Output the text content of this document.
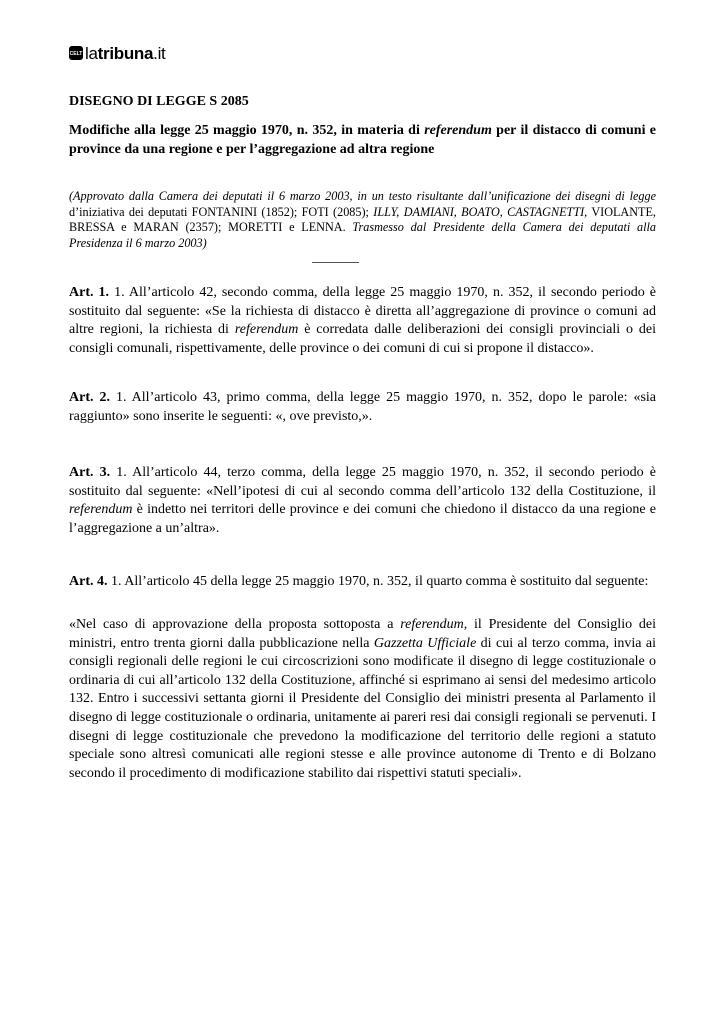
CELT latribuna.it
DISEGNO DI LEGGE S 2085
Modifiche alla legge 25 maggio 1970, n. 352, in materia di referendum per il distacco di comuni e province da una regione e per l’aggregazione ad altra regione
(Approvato dalla Camera dei deputati il 6 marzo 2003, in un testo risultante dall’unificazione dei disegni di legge d’iniziativa dei deputati FONTANINI (1852); FOTI (2085); ILLY, DAMIANI, BOATO, CASTAGNETTI, VIOLANTE, BRESSA e MARAN (2357); MORETTI e LENNA. Trasmesso dal Presidente della Camera dei deputati alla Presidenza il 6 marzo 2003)
Art. 1. 1. All’articolo 42, secondo comma, della legge 25 maggio 1970, n. 352, il secondo periodo è sostituito dal seguente: «Se la richiesta di distacco è diretta all’aggregazione di province o comuni ad altre regioni, la richiesta di referendum è corredata dalle deliberazioni dei consigli provinciali o dei consigli comunali, rispettivamente, delle province o dei comuni di cui si propone il distacco».
Art. 2. 1. All’articolo 43, primo comma, della legge 25 maggio 1970, n. 352, dopo le parole: «sia raggiunto» sono inserite le seguenti: «, ove previsto,».
Art. 3. 1. All’articolo 44, terzo comma, della legge 25 maggio 1970, n. 352, il secondo periodo è sostituito dal seguente: «Nell’ipotesi di cui al secondo comma dell’articolo 132 della Costituzione, il referendum è indetto nei territori delle province e dei comuni che chiedono il distacco da una regione e l’aggregazione a un’altra».
Art. 4. 1. All’articolo 45 della legge 25 maggio 1970, n. 352, il quarto comma è sostituito dal seguente:
«Nel caso di approvazione della proposta sottoposta a referendum, il Presidente del Consiglio dei ministri, entro trenta giorni dalla pubblicazione nella Gazzetta Ufficiale di cui al terzo comma, invia ai consigli regionali delle regioni le cui circoscrizioni sono modificate il disegno di legge costituzionale o ordinaria di cui all’articolo 132 della Costituzione, affinché si esprimano ai sensi del medesimo articolo 132. Entro i successivi settanta giorni il Presidente del Consiglio dei ministri presenta al Parlamento il disegno di legge costituzionale o ordinaria, unitamente ai pareri resi dai consigli regionali se pervenuti. I disegni di legge costituzionale che prevedono la modificazione del territorio delle regioni a statuto speciale sono altresì comunicati alle regioni stesse e alle province autonome di Trento e di Bolzano secondo il procedimento di modificazione stabilito dai rispettivi statuti speciali».
